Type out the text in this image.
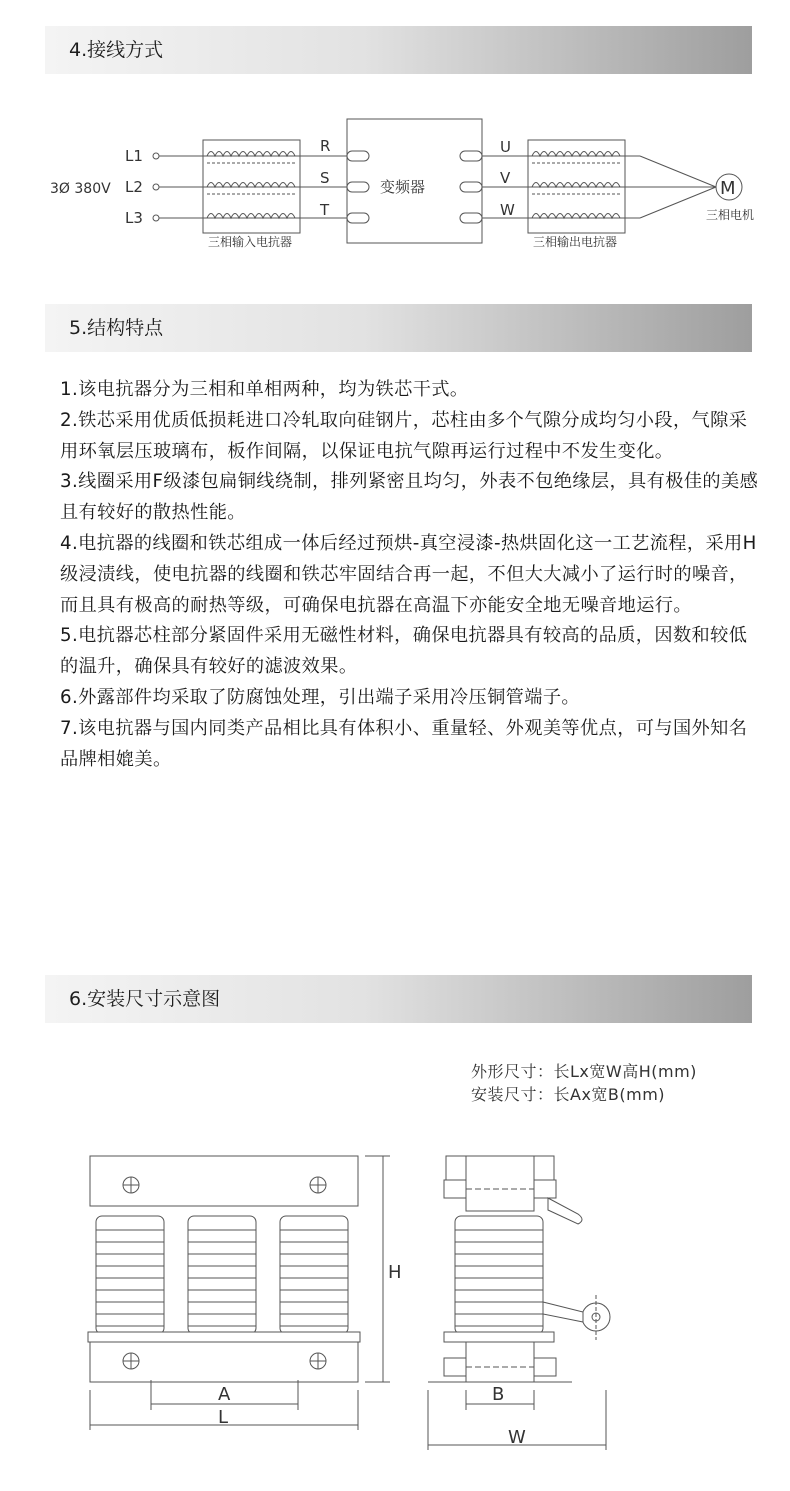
4.接线方式
3Ø 380V
L1
L2
L3
R
S
T
变频器
U
V
W
三相输入电抗器	三相输出电抗器
M
三相电机
5.结构特点
1.该电抗器分为三相和单相两种，均为铁芯干式。
2.铁芯采用优质低损耗进口冷轧取向硅钢片，芯柱由多个气隙分成均匀小段，气隙采用环氧层压玻璃布，板作间隔，以保证电抗气隙再运行过程中不发生变化。
3.线圈采用F级漆包扁铜线绕制，排列紧密且均匀，外表不包绝缘层，具有极佳的美感且有较好的散热性能。
4.电抗器的线圈和铁芯组成一体后经过预烘-真空浸漆-热烘固化这一工艺流程，采用H级浸渍线，使电抗器的线圈和铁芯牢固结合再一起，不但大大减小了运行时的噪音，而且具有极高的耐热等级，可确保电抗器在高温下亦能安全地无噪音地运行。
5.电抗器芯柱部分紧固件采用无磁性材料，确保电抗器具有较高的品质，因数和较低的温升，确保具有较好的滤波效果。
6.外露部件均采取了防腐蚀处理，引出端子采用冷压铜管端子。
7.该电抗器与国内同类产品相比具有体积小、重量轻、外观美等优点，可与国外知名品牌相媲美。
6.安装尺寸示意图
外形尺寸：长Lx宽W高H(mm)
安装尺寸：长Ax宽B(mm)
H
A
L
B
W
